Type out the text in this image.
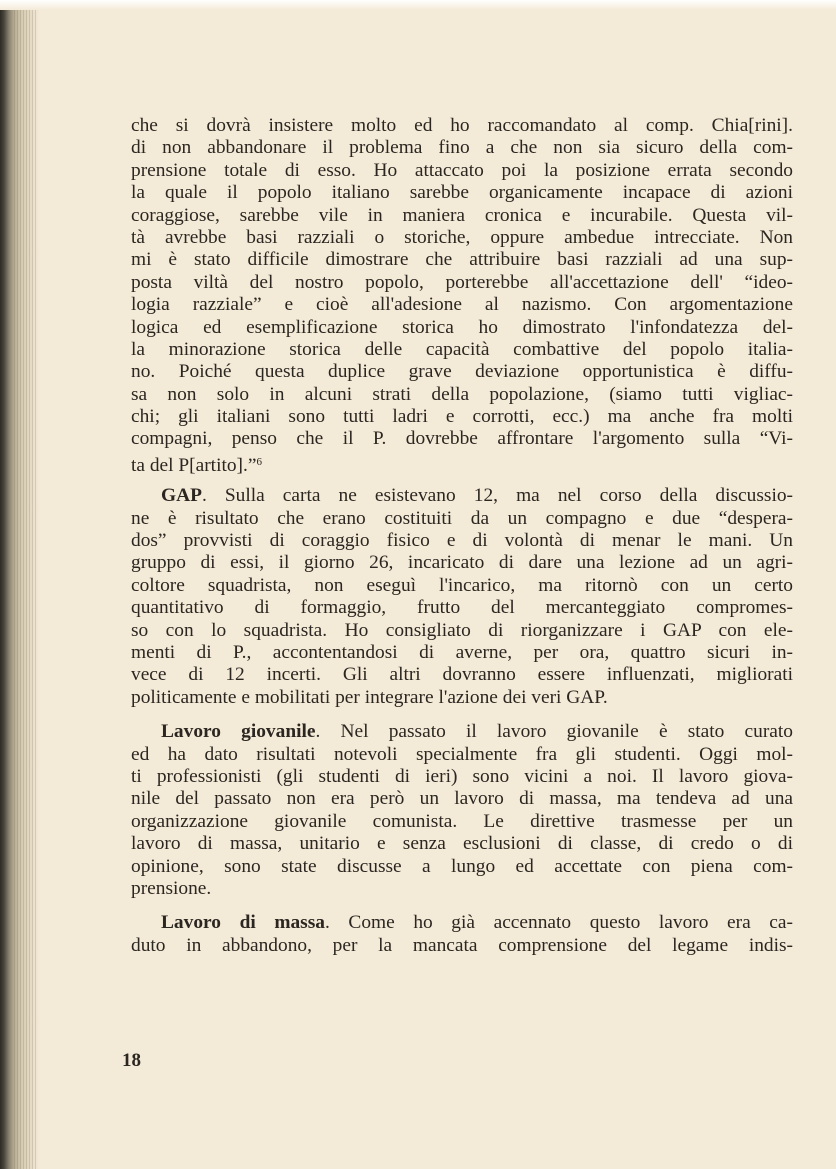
che si dovrà insistere molto ed ho raccomandato al comp. Chia[rini].
di non abbandonare il problema fino a che non sia sicuro della com-
prensione totale di esso. Ho attaccato poi la posizione errata secondo
la quale il popolo italiano sarebbe organicamente incapace di azioni
coraggiose, sarebbe vile in maniera cronica e incurabile. Questa vil-
tà avrebbe basi razziali o storiche, oppure ambedue intrecciate. Non
mi è stato difficile dimostrare che attribuire basi razziali ad una sup-
posta viltà del nostro popolo, porterebbe all'accettazione dell' “ideo-
logia razziale” e cioè all'adesione al nazismo. Con argomentazione
logica ed esemplificazione storica ho dimostrato l'infondatezza del-
la minorazione storica delle capacità combattive del popolo italia-
no. Poiché questa duplice grave deviazione opportunistica è diffu-
sa non solo in alcuni strati della popolazione, (siamo tutti vigliac-
chi; gli italiani sono tutti ladri e corrotti, ecc.) ma anche fra molti
compagni, penso che il P. dovrebbe affrontare l'argomento sulla “Vi-
ta del P[artito].”$^6$
GAP. Sulla carta ne esistevano 12, ma nel corso della discussio-
ne è risultato che erano costituiti da un compagno e due “despera-
dos” provvisti di coraggio fisico e di volontà di menar le mani. Un
gruppo di essi, il giorno 26, incaricato di dare una lezione ad un agri-
coltore squadrista, non eseguì l'incarico, ma ritornò con un certo
quantitativo di formaggio, frutto del mercanteggiato compromes-
so con lo squadrista. Ho consigliato di riorganizzare i GAP con ele-
menti di P., accontentandosi di averne, per ora, quattro sicuri in-
vece di 12 incerti. Gli altri dovranno essere influenzati, migliorati
politicamente e mobilitati per integrare l'azione dei veri GAP.
Lavoro giovanile. Nel passato il lavoro giovanile è stato curato
ed ha dato risultati notevoli specialmente fra gli studenti. Oggi mol-
ti professionisti (gli studenti di ieri) sono vicini a noi. Il lavoro giova-
nile del passato non era però un lavoro di massa, ma tendeva ad una
organizzazione giovanile comunista. Le direttive trasmesse per un
lavoro di massa, unitario e senza esclusioni di classe, di credo o di
opinione, sono state discusse a lungo ed accettate con piena com-
prensione.
Lavoro di massa. Come ho già accennato questo lavoro era ca-
duto in abbandono, per la mancata comprensione del legame indis-
18
